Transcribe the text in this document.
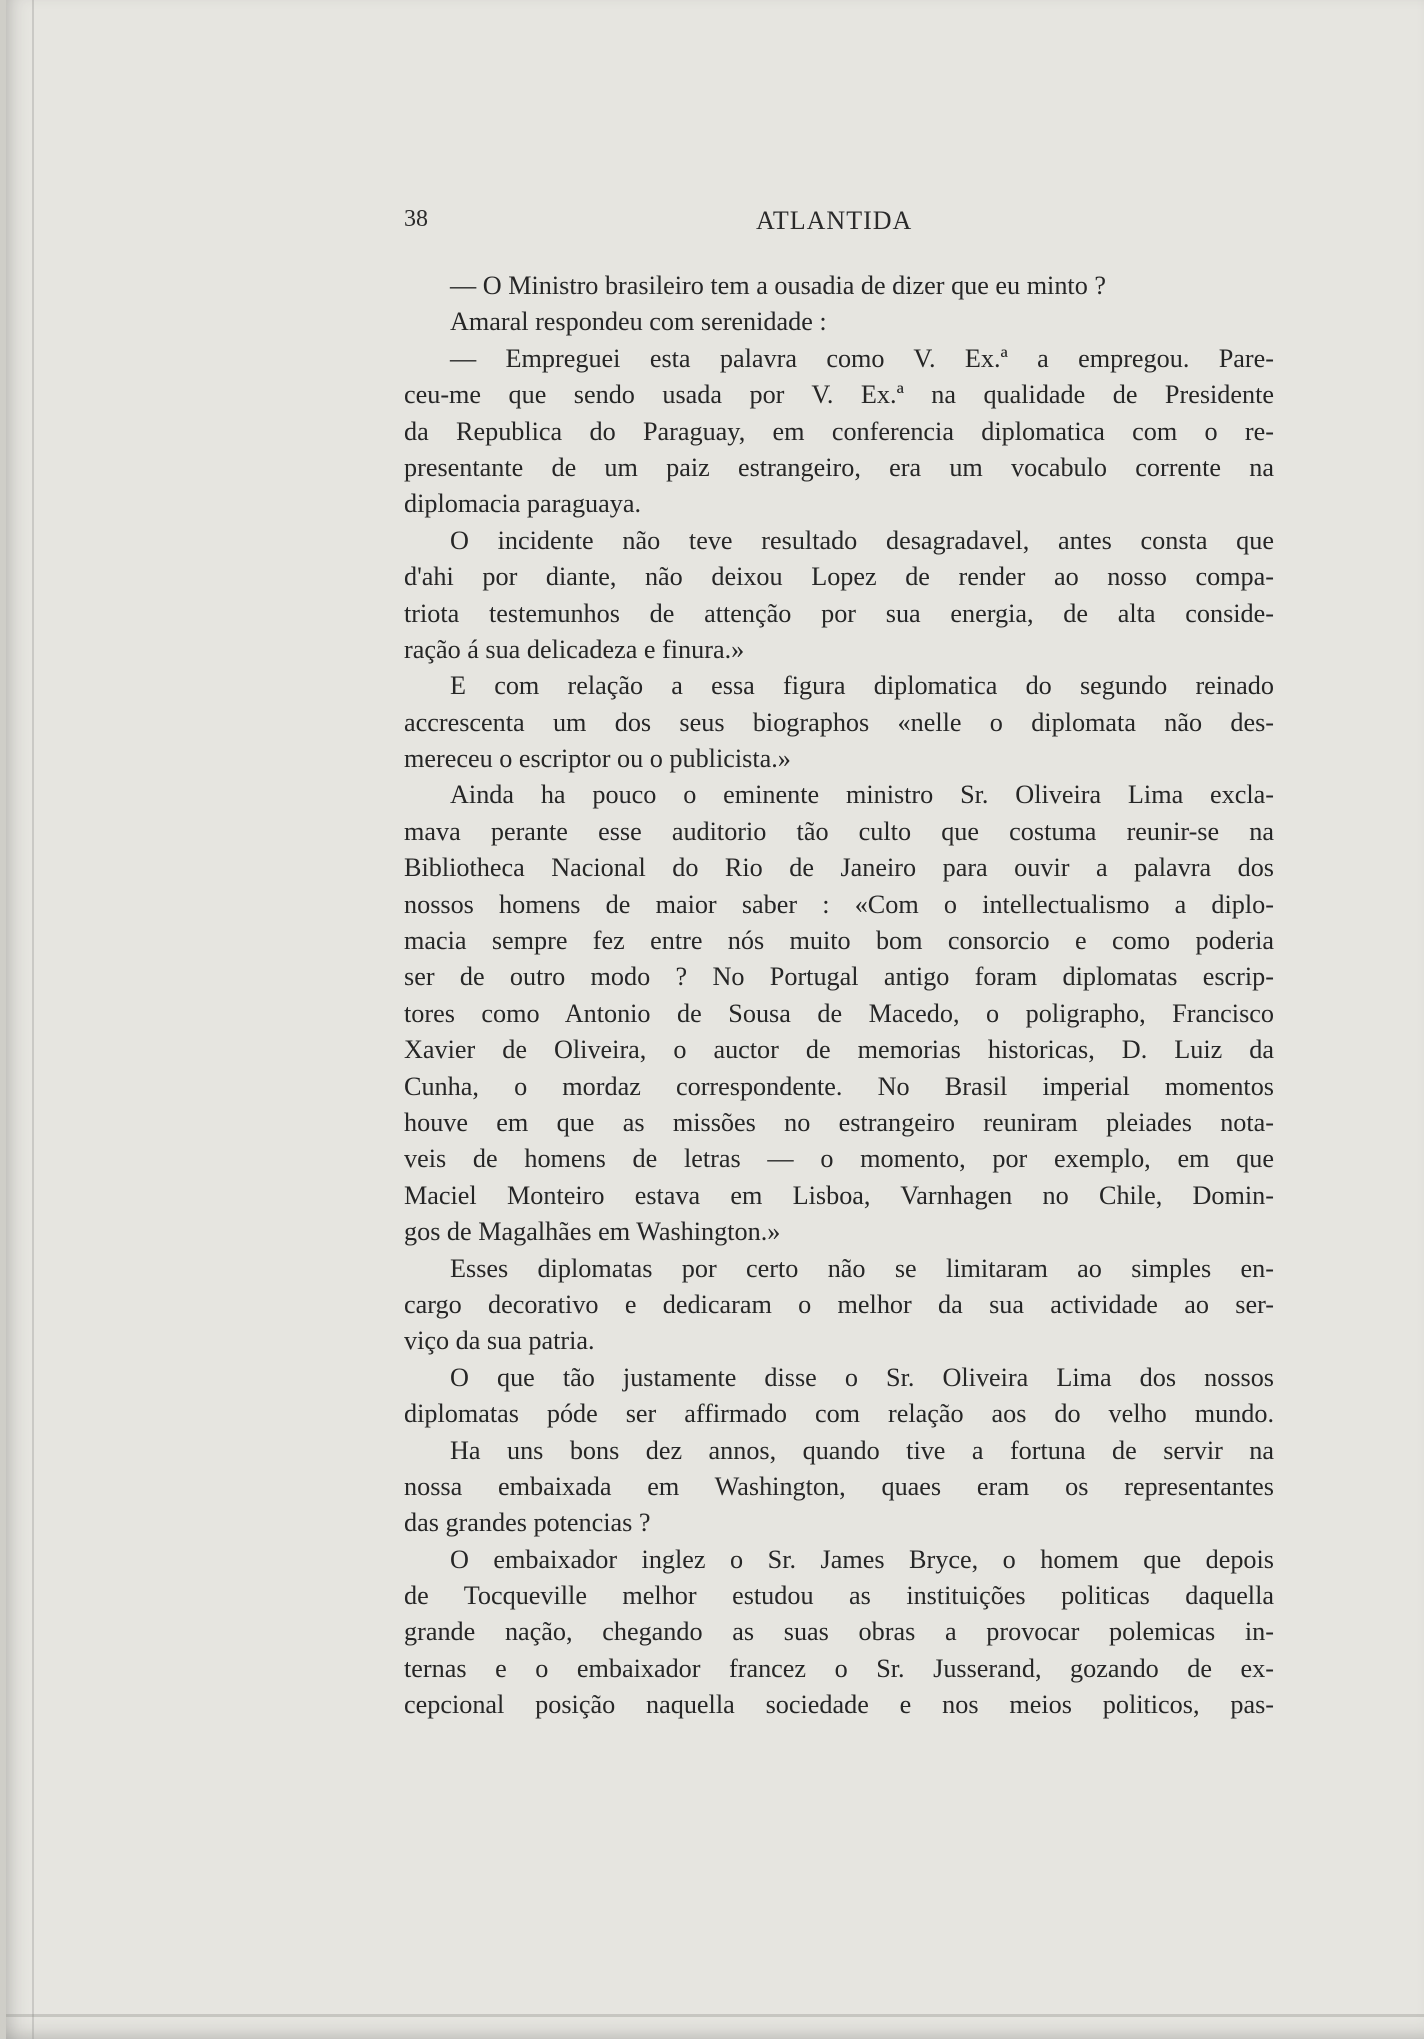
38	ATLANTIDA
— O Ministro brasileiro tem a ousadia de dizer que eu minto ?
Amaral respondeu com serenidade :
— Empreguei esta palavra como V. Ex.ª a empregou. Pare-
ceu-me que sendo usada por V. Ex.ª na qualidade de Presidente
da Republica do Paraguay, em conferencia diplomatica com o re-
presentante de um paiz estrangeiro, era um vocabulo corrente na
diplomacia paraguaya.
O incidente não teve resultado desagradavel, antes consta que
d'ahi por diante, não deixou Lopez de render ao nosso compa-
triota testemunhos de attenção por sua energia, de alta conside-
ração á sua delicadeza e finura.»
E com relação a essa figura diplomatica do segundo reinado
accrescenta um dos seus biographos «nelle o diplomata não des-
mereceu o escriptor ou o publicista.»
Ainda ha pouco o eminente ministro Sr. Oliveira Lima excla-
mava perante esse auditorio tão culto que costuma reunir-se na
Bibliotheca Nacional do Rio de Janeiro para ouvir a palavra dos
nossos homens de maior saber : «Com o intellectualismo a diplo-
macia sempre fez entre nós muito bom consorcio e como poderia
ser de outro modo ? No Portugal antigo foram diplomatas escrip-
tores como Antonio de Sousa de Macedo, o poligrapho, Francisco
Xavier de Oliveira, o auctor de memorias historicas, D. Luiz da
Cunha, o mordaz correspondente. No Brasil imperial momentos
houve em que as missões no estrangeiro reuniram pleiades nota-
veis de homens de letras — o momento, por exemplo, em que
Maciel Monteiro estava em Lisboa, Varnhagen no Chile, Domin-
gos de Magalhães em Washington.»
Esses diplomatas por certo não se limitaram ao simples en-
cargo decorativo e dedicaram o melhor da sua actividade ao ser-
viço da sua patria.
O que tão justamente disse o Sr. Oliveira Lima dos nossos
diplomatas póde ser affirmado com relação aos do velho mundo.
Ha uns bons dez annos, quando tive a fortuna de servir na
nossa embaixada em Washington, quaes eram os representantes
das grandes potencias ?
O embaixador inglez o Sr. James Bryce, o homem que depois
de Tocqueville melhor estudou as instituições politicas daquella
grande nação, chegando as suas obras a provocar polemicas in-
ternas e o embaixador francez o Sr. Jusserand, gozando de ex-
cepcional posição naquella sociedade e nos meios politicos, pas-
